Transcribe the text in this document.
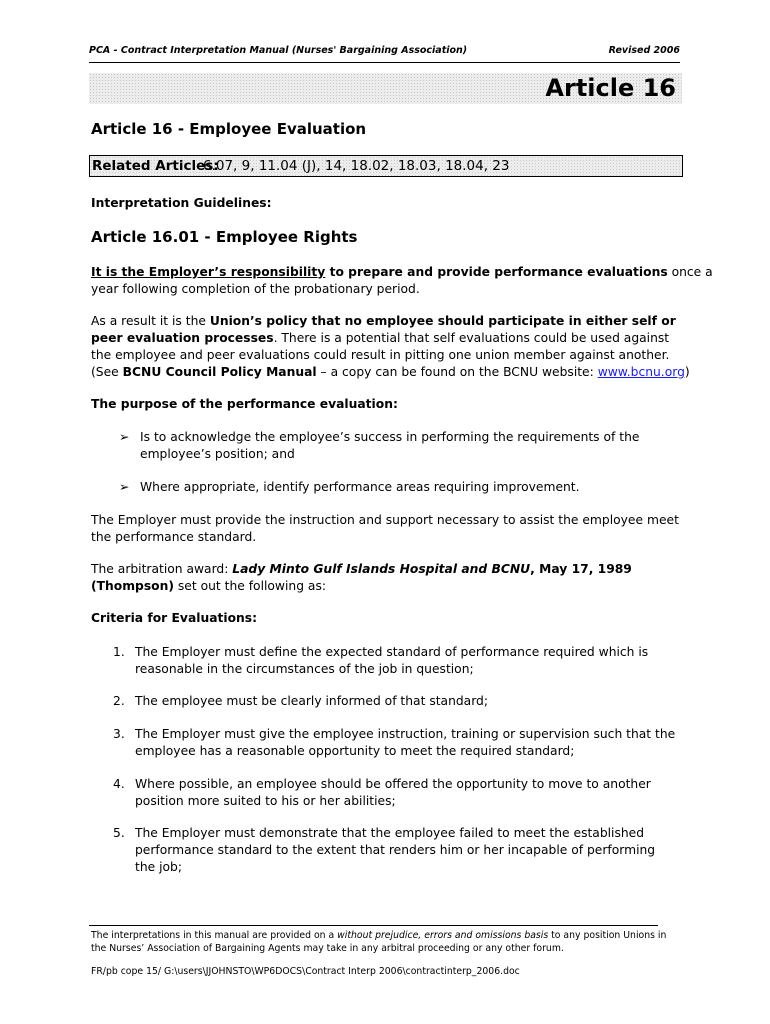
PCA - Contract Interpretation Manual (Nurses' Bargaining Association)	Revised 2006
Article 16
Article 16 - Employee Evaluation
Related Articles:
6.07, 9, 11.04 (J), 14, 18.02, 18.03, 18.04, 23
Interpretation Guidelines:
Article 16.01 - Employee Rights
It is the Employer’s responsibility to prepare and provide performance evaluations once a
year following completion of the probationary period.
As a result it is the Union’s policy that no employee should participate in either self or
peer evaluation processes. There is a potential that self evaluations could be used against
the employee and peer evaluations could result in pitting one union member against another.
(See BCNU Council Policy Manual – a copy can be found on the BCNU website: www.bcnu.org)
The purpose of the performance evaluation:
➢ Is to acknowledge the employee’s success in performing the requirements of the
employee’s position; and
➢ Where appropriate, identify performance areas requiring improvement.
The Employer must provide the instruction and support necessary to assist the employee meet
the performance standard.
The arbitration award: Lady Minto Gulf Islands Hospital and BCNU, May 17, 1989
(Thompson) set out the following as:
Criteria for Evaluations:
1. The Employer must define the expected standard of performance required which is
reasonable in the circumstances of the job in question;
2. The employee must be clearly informed of that standard;
3. The Employer must give the employee instruction, training or supervision such that the
employee has a reasonable opportunity to meet the required standard;
4. Where possible, an employee should be offered the opportunity to move to another
position more suited to his or her abilities;
5. The Employer must demonstrate that the employee failed to meet the established
performance standard to the extent that renders him or her incapable of performing
the job;
The interpretations in this manual are provided on a without prejudice, errors and omissions basis to any position Unions in
the Nurses’ Association of Bargaining Agents may take in any arbitral proceeding or any other forum.
FR/pb cope 15/ G:\users\JJOHNSTO\WP6DOCS\Contract Interp 2006\contractinterp_2006.doc
